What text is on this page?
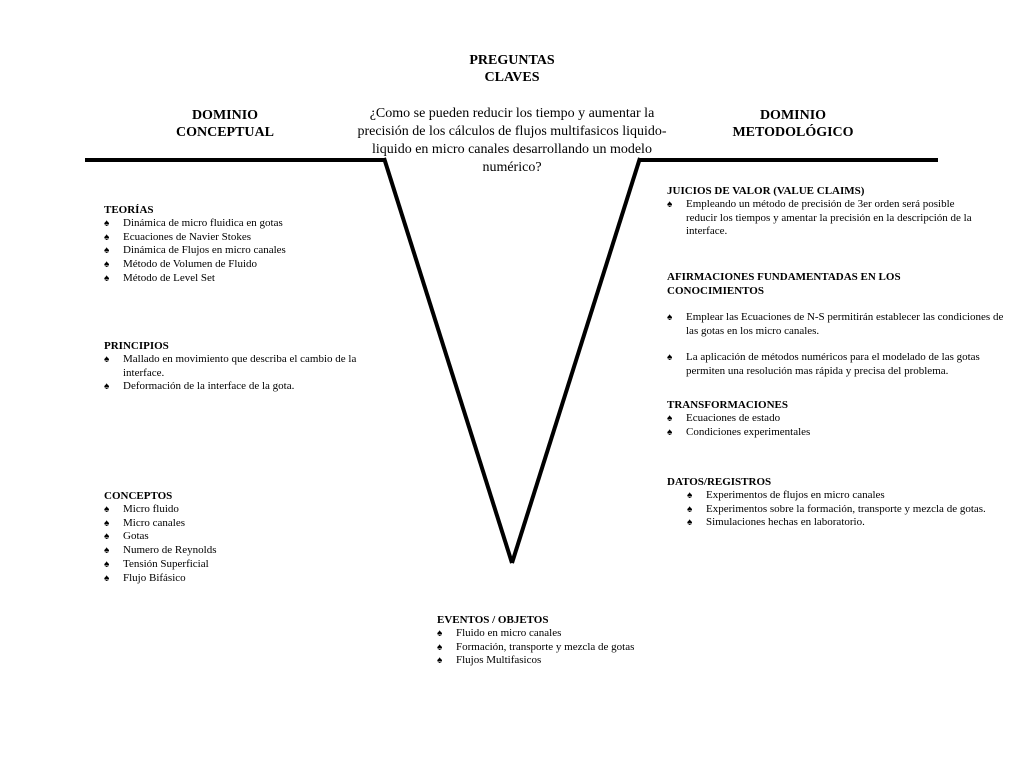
PREGUNTAS
CLAVES
¿Como se pueden reducir los tiempo y aumentar la precisión de los cálculos de flujos multifasicos liquido-liquido en micro canales desarrollando un modelo numérico?
DOMINIO
CONCEPTUAL
DOMINIO
METODOLÓGICO
TEORÍAS
♠ Dinámica de micro fluidica en gotas
♠ Ecuaciones de Navier Stokes
♠ Dinámica de Flujos en micro canales
♠ Método de Volumen de Fluido
♠ Método de Level Set
PRINCIPIOS
♠ Mallado en movimiento que describa el cambio de la interface.
♠ Deformación de la interface de la gota.
CONCEPTOS
♠ Micro fluido
♠ Micro canales
♠ Gotas
♠ Numero de Reynolds
♠ Tensión Superficial
♠ Flujo Bifásico
JUICIOS DE VALOR (VALUE CLAIMS)
♠ Empleando un método de precisión de 3er orden será posible reducir los tiempos y amentar la precisión en la descripción de la interface.
AFIRMACIONES FUNDAMENTADAS EN LOS
CONOCIMIENTOS
♠ Emplear las Ecuaciones de N-S permitirán establecer las condiciones de las gotas en los micro canales.
♠ La aplicación de métodos numéricos para el modelado de las gotas permiten una resolución mas rápida y precisa del problema.
TRANSFORMACIONES
♠ Ecuaciones de estado
♠ Condiciones experimentales
DATOS/REGISTROS
♠ Experimentos de flujos en micro canales
♠ Experimentos sobre la formación, transporte y mezcla de gotas.
♠ Simulaciones hechas en laboratorio.
EVENTOS / OBJETOS
♠ Fluido en micro canales
♠ Formación, transporte y mezcla de gotas
♠ Flujos Multifasicos
